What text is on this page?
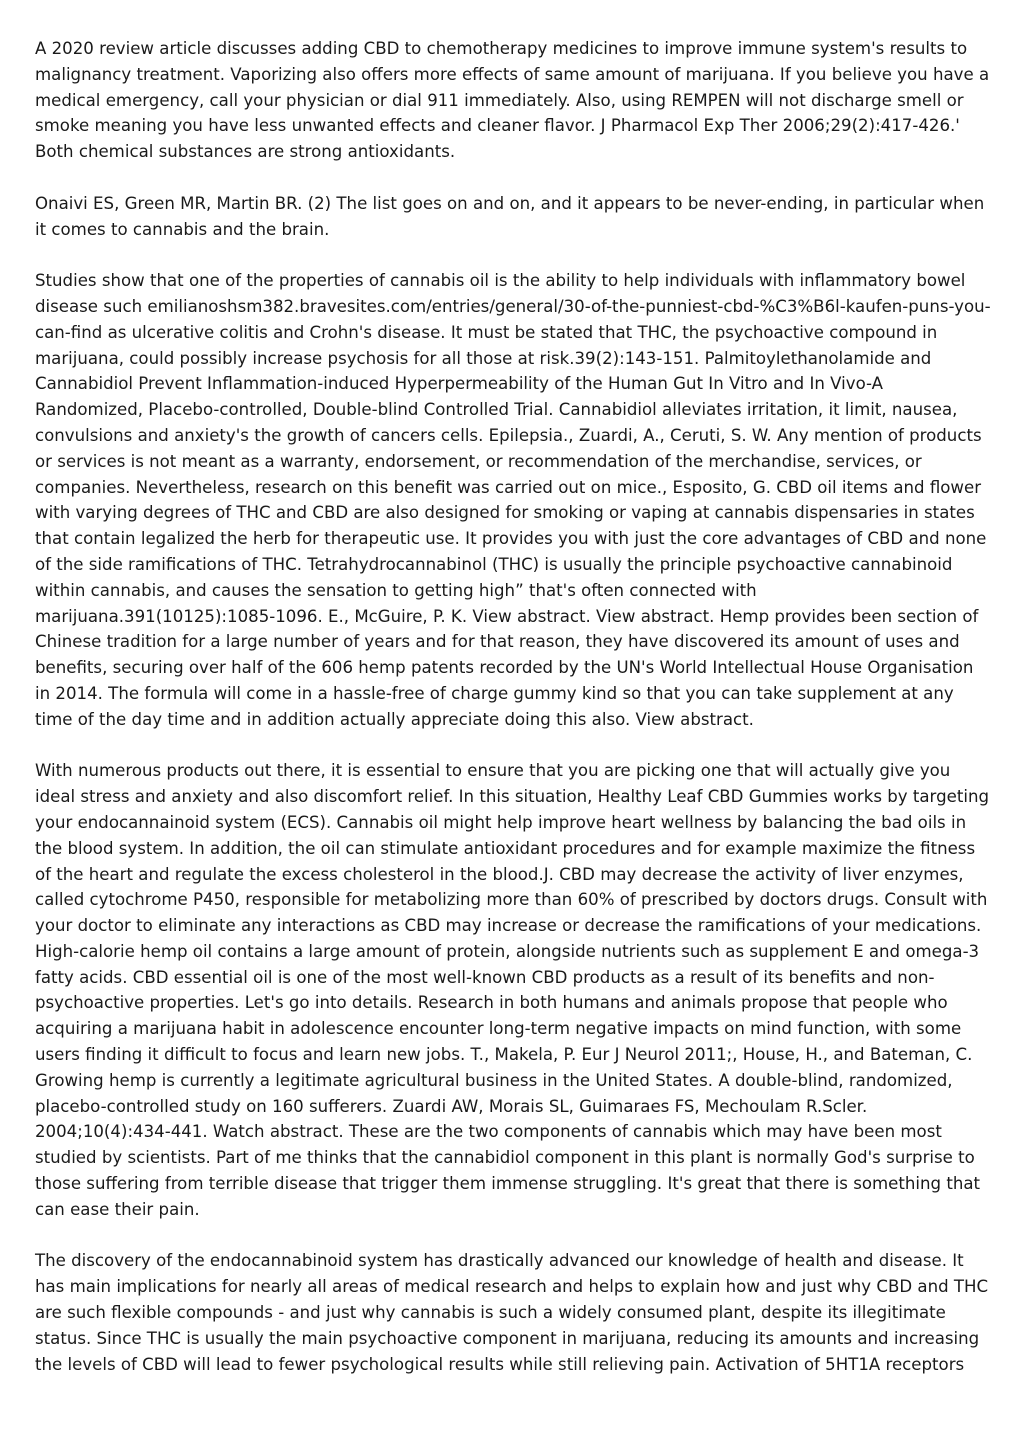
A 2020 review article discusses adding CBD to chemotherapy medicines to improve immune system's results to malignancy treatment. Vaporizing also offers more effects of same amount of marijuana. If you believe you have a medical emergency, call your physician or dial 911 immediately. Also, using REMPEN will not discharge smell or smoke meaning you have less unwanted effects and cleaner flavor. J Pharmacol Exp Ther 2006;29(2):417-426.' Both chemical substances are strong antioxidants.

Onaivi ES, Green MR, Martin BR. (2) The list goes on and on, and it appears to be never-ending, in particular when it comes to cannabis and the brain.

Studies show that one of the properties of cannabis oil is the ability to help individuals with inflammatory bowel disease such emilianoshsm382.bravesites.com/entries/general/30-of-the-punniest-cbd-%C3%B6l-kaufen-puns-you-can-find as ulcerative colitis and Crohn's disease. It must be stated that THC, the psychoactive compound in marijuana, could possibly increase psychosis for all those at risk.39(2):143-151. Palmitoylethanolamide and Cannabidiol Prevent Inflammation-induced Hyperpermeability of the Human Gut In Vitro and In Vivo-A Randomized, Placebo-controlled, Double-blind Controlled Trial. Cannabidiol alleviates irritation, it limit, nausea, convulsions and anxiety's the growth of cancers cells. Epilepsia., Zuardi, A., Ceruti, S. W. Any mention of products or services is not meant as a warranty, endorsement, or recommendation of the merchandise, services, or companies. Nevertheless, research on this benefit was carried out on mice., Esposito, G. CBD oil items and flower with varying degrees of THC and CBD are also designed for smoking or vaping at cannabis dispensaries in states that contain legalized the herb for therapeutic use. It provides you with just the core advantages of CBD and none of the side ramifications of THC. Tetrahydrocannabinol (THC) is usually the principle psychoactive cannabinoid within cannabis, and causes the sensation to getting high” that's often connected with marijuana.391(10125):1085-1096. E., McGuire, P. K. View abstract. View abstract. Hemp provides been section of Chinese tradition for a large number of years and for that reason, they have discovered its amount of uses and benefits, securing over half of the 606 hemp patents recorded by the UN's World Intellectual House Organisation in 2014. The formula will come in a hassle-free of charge gummy kind so that you can take supplement at any time of the day time and in addition actually appreciate doing this also. View abstract.

With numerous products out there, it is essential to ensure that you are picking one that will actually give you ideal stress and anxiety and also discomfort relief. In this situation, Healthy Leaf CBD Gummies works by targeting your endocannainoid system (ECS). Cannabis oil might help improve heart wellness by balancing the bad oils in the blood system. In addition, the oil can stimulate antioxidant procedures and for example maximize the fitness of the heart and regulate the excess cholesterol in the blood.J. CBD may decrease the activity of liver enzymes, called cytochrome P450, responsible for metabolizing more than 60% of prescribed by doctors drugs. Consult with your doctor to eliminate any interactions as CBD may increase or decrease the ramifications of your medications. High-calorie hemp oil contains a large amount of protein, alongside nutrients such as supplement E and omega-3 fatty acids. CBD essential oil is one of the most well-known CBD products as a result of its benefits and non-psychoactive properties. Let's go into details. Research in both humans and animals propose that people who acquiring a marijuana habit in adolescence encounter long-term negative impacts on mind function, with some users finding it difficult to focus and learn new jobs. T., Makela, P. Eur J Neurol 2011;, House, H., and Bateman, C. Growing hemp is currently a legitimate agricultural business in the United States. A double-blind, randomized, placebo-controlled study on 160 sufferers. Zuardi AW, Morais SL, Guimaraes FS, Mechoulam R.Scler. 2004;10(4):434-441. Watch abstract. These are the two components of cannabis which may have been most studied by scientists. Part of me thinks that the cannabidiol component in this plant is normally God's surprise to those suffering from terrible disease that trigger them immense struggling. It's great that there is something that can ease their pain.

The discovery of the endocannabinoid system has drastically advanced our knowledge of health and disease. It has main implications for nearly all areas of medical research and helps to explain how and just why CBD and THC are such flexible compounds - and just why cannabis is such a widely consumed plant, despite its illegitimate status. Since THC is usually the main psychoactive component in marijuana, reducing its amounts and increasing the levels of CBD will lead to fewer psychological results while still relieving pain. Activation of 5HT1A receptors
